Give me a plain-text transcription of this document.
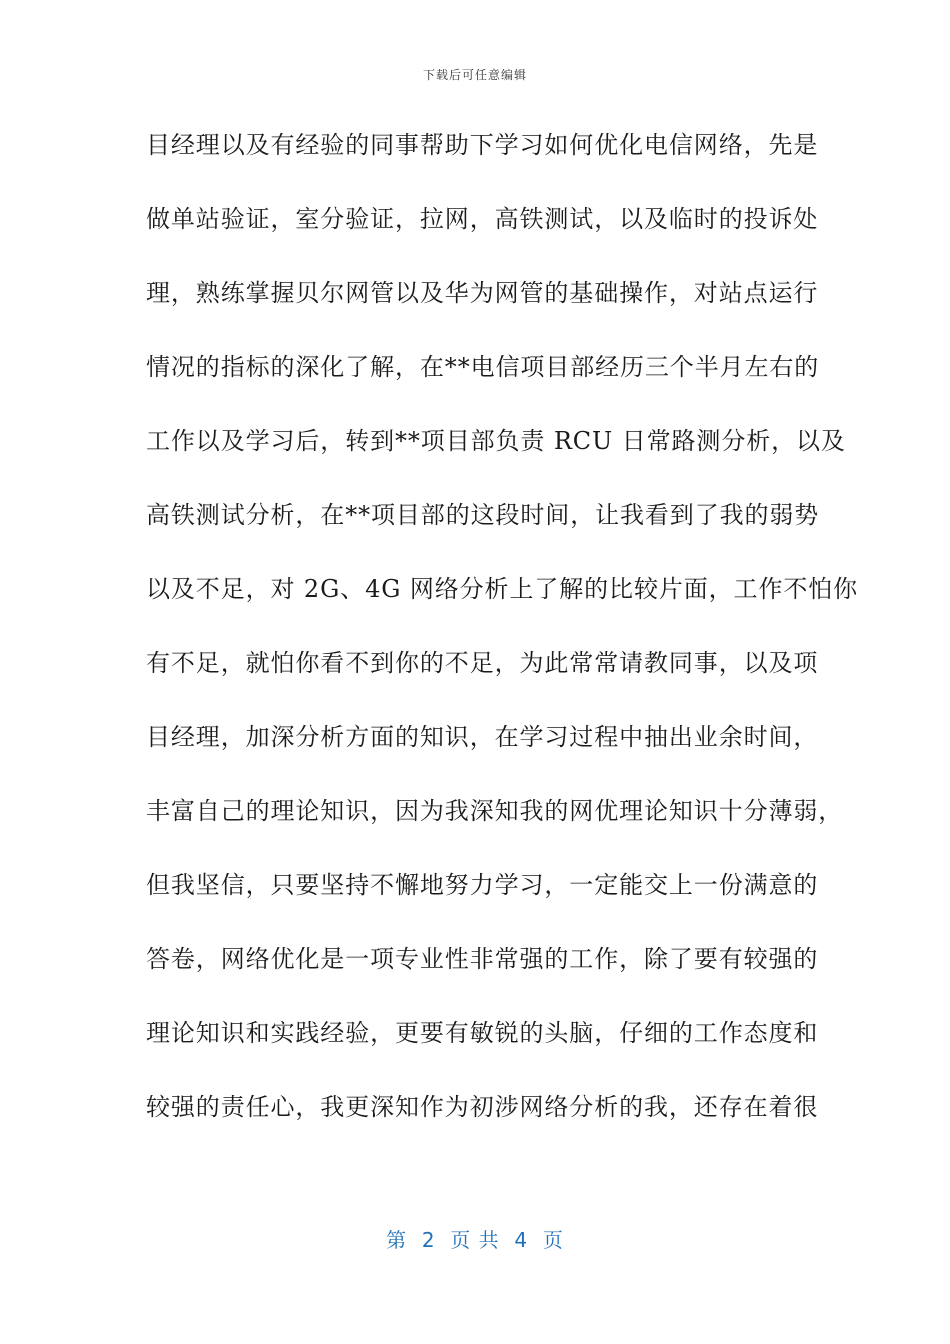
下载后可任意编辑
目经理以及有经验的同事帮助下学习如何优化电信网络，先是
做单站验证，室分验证，拉网，高铁测试，以及临时的投诉处
理，熟练掌握贝尔网管以及华为网管的基础操作，对站点运行
情况的指标的深化了解，在**电信项目部经历三个半月左右的
工作以及学习后，转到**项目部负责 RCU 日常路测分析，以及
高铁测试分析，在**项目部的这段时间，让我看到了我的弱势
以及不足，对 2G、4G 网络分析上了解的比较片面，工作不怕你
有不足，就怕你看不到你的不足，为此常常请教同事，以及项
目经理，加深分析方面的知识，在学习过程中抽出业余时间，
丰富自己的理论知识，因为我深知我的网优理论知识十分薄弱，
但我坚信，只要坚持不懈地努力学习，一定能交上一份满意的
答卷，网络优化是一项专业性非常强的工作，除了要有较强的
理论知识和实践经验，更要有敏锐的头脑，仔细的工作态度和
较强的责任心，我更深知作为初涉网络分析的我，还存在着很
第  2  页 共  4  页
